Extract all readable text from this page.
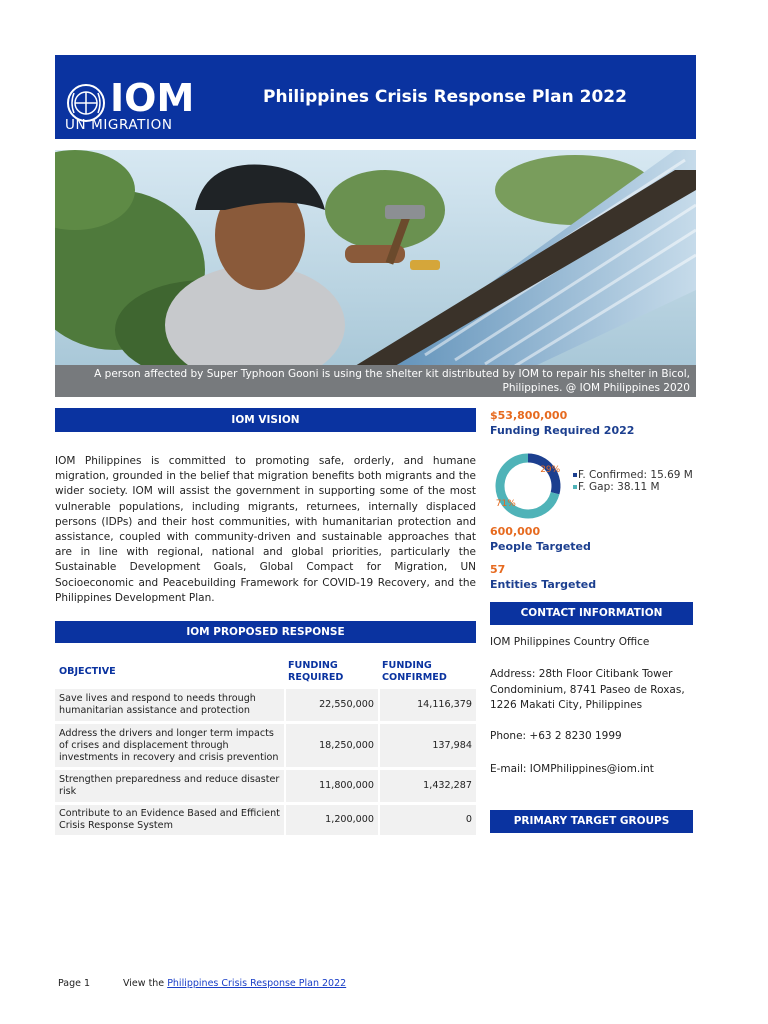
IOM
UN MIGRATION
Philippines Crisis Response Plan 2022
A person affected by Super Typhoon Gooni is using the shelter kit distributed by IOM to repair his shelter in Bicol, Philippines. @ IOM Philippines 2020
IOM VISION
IOM Philippines is committed to promoting safe, orderly, and humane migration, grounded in the belief that migration benefits both migrants and the wider society. IOM will assist the government in supporting some of the most vulnerable populations, including migrants, returnees, internally displaced persons (IDPs) and their host communities, with humanitarian protection and assistance, coupled with community-driven and sustainable approaches that are in line with regional, national and global priorities, particularly the Sustainable Development Goals, Global Compact for Migration, UN Socioeconomic and Peacebuilding Framework for COVID-19 Recovery, and the Philippines Development Plan.
IOM PROPOSED RESPONSE
OBJECTIVE	FUNDING REQUIRED	FUNDING CONFIRMED
Save lives and respond to needs through humanitarian assistance and protection	22,550,000	14,116,379
Address the drivers and longer term impacts of crises and displacement through investments in recovery and crisis prevention	18,250,000	137,984
Strengthen preparedness and reduce disaster risk	11,800,000	1,432,287
Contribute to an Evidence Based and Efficient Crisis Response System	1,200,000	0
$53,800,000
Funding Required 2022
29%
71%
F. Confirmed: 15.69 M
F. Gap: 38.11 M
600,000
People Targeted
57
Entities Targeted
CONTACT INFORMATION
IOM Philippines Country Office
Address: 28th Floor Citibank Tower Condominium, 8741 Paseo de Roxas, 1226 Makati City, Philippines
Phone: +63 2 8230 1999
E-mail: IOMPhilippines@iom.int
PRIMARY TARGET GROUPS
Page 1	View the Philippines Crisis Response Plan 2022
